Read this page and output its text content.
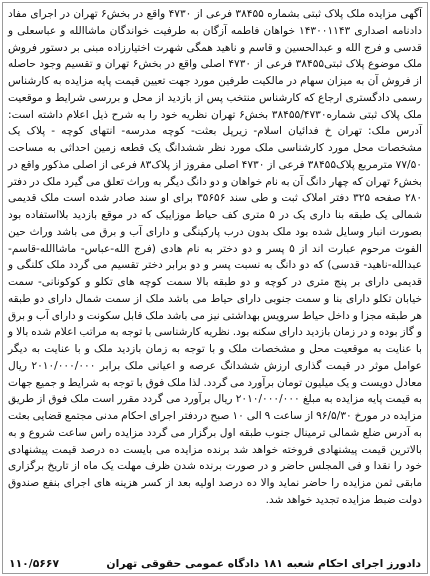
آگهی مزایده ملک پلاک ثبتی بشماره ۳۸۴۵۵ فرعی از ۴۷۳۰ واقع در بخش۶ تهران در اجرای مفاد دادنامه اصداری ۱۴۳۰۰۱۱۴۳ خواهان فاطمه آزگان به طرفیت خواندگان ماشاالله و عباسعلی و قدسی و فرج الله و عبدالحسین و قاسم و ناهید همگی شهرت اختیارزاده مبنی بر دستور فروش ملک موضوع پلاک ثبتی۳۸۴۵۵ فرعی از ۴۷۳۰ اصلی واقع در بخش۶ تهران و تقسیم وجود حاصله از فروش آن به میزان سهام در مالکیت طرفین مورد جهت تعیین قیمت پایه مزایده به کارشناس رسمی دادگستری ارجاع که کارشناس منتخب پس از بازدید از محل و بررسی شرایط و موقعیت ملک پلاک ثبتی شماره۳۸۴۵۵/۴۷۳۰ بخش۶ تهران نظریه خود را به شرح ذیل اعلام داشته است: آدرس ملک: تهران خ فدائیان اسلام- زیرپل بعثت- کوچه مدرسه- انتهای کوچه - پلاک یک مشخصات محل مورد کارشناسی ملک مورد نظر ششدانگ یک قطعه زمین احداثی به مساحت ۷۷/۵۰ مترمربع پلاک۳۸۴۵۵ فرعی از ۴۷۳۰ اصلی مفروز از پلاک۸۳ فرعی از اصلی مذکور واقع در بخش۶ تهران که چهار دانگ آن به نام خواهان و دو دانگ دیگر به وراث تعلق می گیرد ملک در دفتر ۲۸۰ صفحه ۳۲۵ دفتر املاک ثبت و طی سند ۳۵۶۵۶ برای او سند صادر شده است ملک قدیمی شمالی یک طبقه بنا داری یک در ۵ متری کف حیاط موزاییک که در موقع بازدید بلااستفاده بود بصورت انبار وسایل شده بود ملک بدون درب پارکینگی و دارای آب و برق می باشد وراث حین الفوت مرحوم عبارت اند از ۵ پسر و دو دختر به نام هادی (فرج الله-عباس- ماشاالله-قاسم-عبدالله-ناهید- قدسی) که دو دانگ به نسبت پسر و دو برابر دختر تقسیم می گردد ملک کلنگی و قدیمی دارای بر پنج متری در کوچه و دو طبقه بالا سمت کوچه های تکلو و کوکونانی- سمت خیابان تکلو دارای بنا و سمت جنوبی دارای حیاط می باشد ملک از سمت شمال دارای دو طبقه هر طبقه مجزا و داخل حیاط سرویس بهداشتی نیز می باشد ملک قابل سکونت و دارای آب و برق و گاز بوده و در زمان بازدید دارای سکنه بود. نظریه کارشناسی با توجه به مراتب اعلام شده بالا و با عنایت به موقعیت محل و مشخصات ملک و با توجه به زمان بازدید ملک و با عنایت به دیگر عوامل موثر در قیمت گذاری ارزش ششدانگ عرصه و اعیانی ملک برابر ۲۰۱۰/۰۰۰/۰۰۰ ریال معادل دویست و یک میلیون تومان برآورد می گردد. لذا ملک فوق با توجه به شرایط و جمیع جهات به قیمت پایه مزایده به مبلغ ۲۰۱۰/۰۰۰/۰۰۰ ریال برآورد می گردد مقرر است ملک فوق از طریق مزایده در مورخ ۹۶/۵/۳۰ از ساعت ۹ الی ۱۰ صبح دردفتر اجرای احکام مدنی مجتمع قضایی بعثت به آدرس ضلع شمالی ترمینال جنوب طبقه اول برگزار می گردد مزایده راس ساعت شروع و به بالاترین قیمت پیشنهادی فروخته خواهد شد برنده مزایده می بایست ده درصد قیمت پیشنهادی خود را نقدا و فی المجلس حاضر و در صورت برنده شدن ظرف مهلت یک ماه از تاریخ برگزاری مابقی ثمن مزایده را حاضر نماید والا ده درصد اولیه بعد از کسر هزینه های اجرای بنفع صندوق دولت ضبط مزایده تجدید خواهد شد.

دادورز اجرای احکام شعبه ۱۸۱ دادگاه عمومی حقوقی تهران
۱۱۰/۵۶۶۷
